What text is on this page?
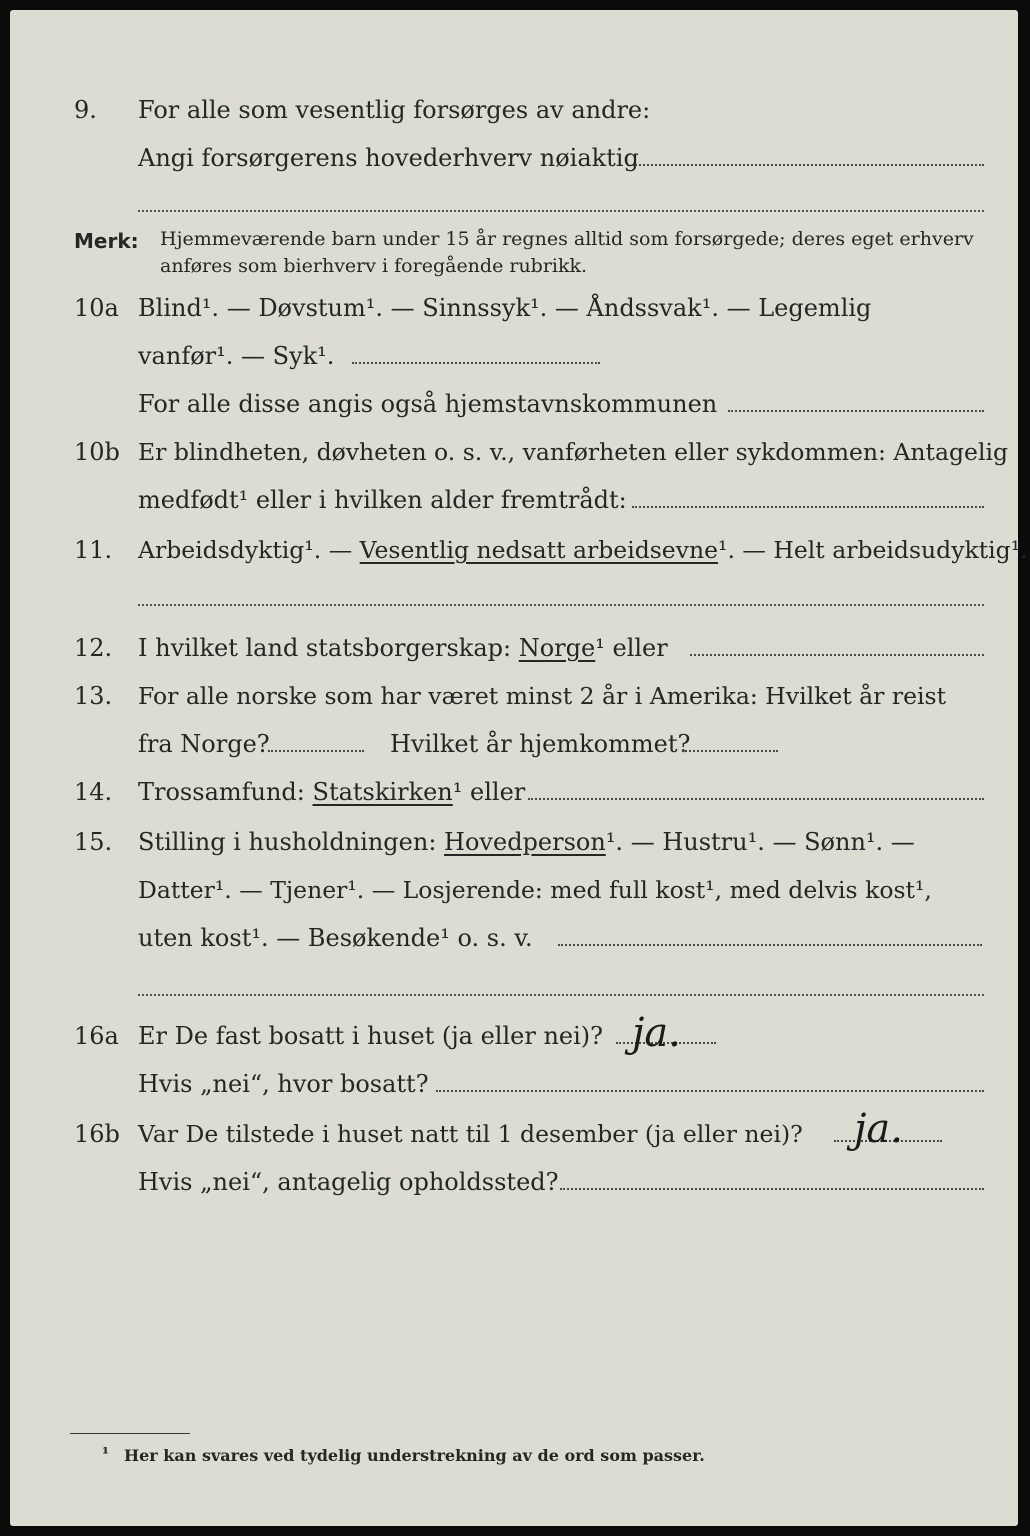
9. For alle som vesentlig forsørges av andre:
Angi forsørgerens hovederhverv nøiaktig
Merk: Hjemmeværende barn under 15 år regnes alltid som forsørgede; deres eget erhverv
anføres som bierhverv i foregående rubrikk.
10a Blind¹. — Døvstum¹. — Sinnssyk¹. — Åndssvak¹. — Legemlig
vanfør¹. — Syk¹.
For alle disse angis også hjemstavnskommunen
10b Er blindheten, døvheten o. s. v., vanførheten eller sykdommen: Antagelig
medfødt¹ eller i hvilken alder fremtrådt:
11. Arbeidsdyktig¹. — Vesentlig nedsatt arbeidsevne¹. — Helt arbeidsudyktig¹.
12. I hvilket land statsborgerskap: Norge¹ eller
13. For alle norske som har været minst 2 år i Amerika: Hvilket år reist
fra Norge?	Hvilket år hjemkommet?
14. Trossamfund: Statskirken¹ eller
15. Stilling i husholdningen: Hovedperson¹. — Hustru¹. — Sønn¹. —
Datter¹. — Tjener¹. — Losjerende: med full kost¹, med delvis kost¹,
uten kost¹. — Besøkende¹ o. s. v.
16a Er De fast bosatt i huset (ja eller nei)? ja.
Hvis „nei“, hvor bosatt?
16b Var De tilstede i huset natt til 1 desember (ja eller nei)? ja.
Hvis „nei“, antagelig opholdssted?
¹ Her kan svares ved tydelig understrekning av de ord som passer.
